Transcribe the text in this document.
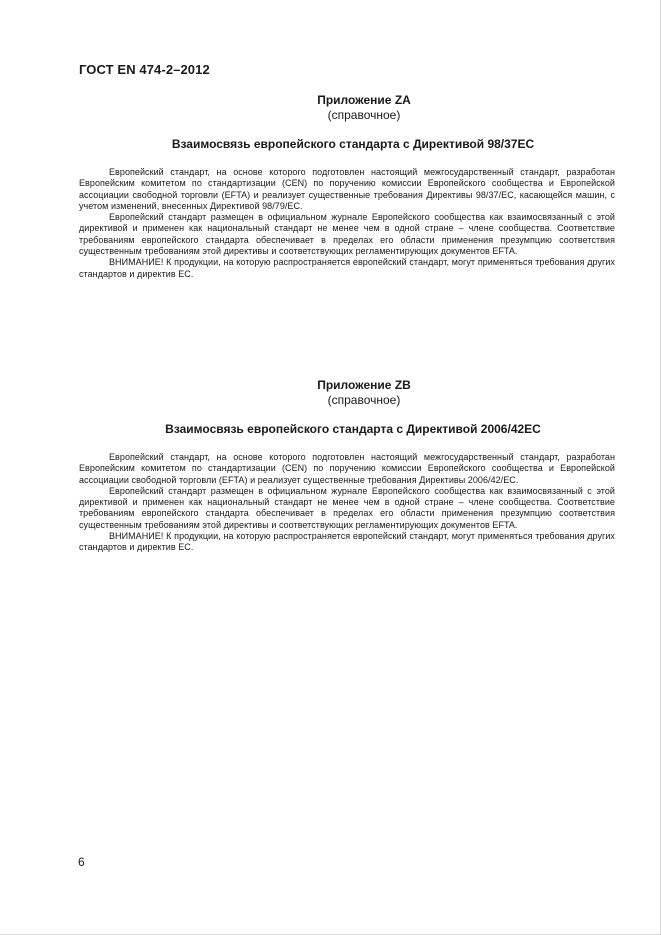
ГОСТ EN 474-2–2012
Приложение ZA
(справочное)
Взаимосвязь европейского стандарта с Директивой 98/37ЕС

Европейский стандарт, на основе которого подготовлен настоящий межгосударственный стандарт, разработан Европейским комитетом по стандартизации (CEN) по поручению комиссии Европейского сообщества и Европейской ассоциации свободной торговли (EFTA) и реализует существенные требования Директивы 98/37/ЕС, касающейся машин, с учетом изменений, внесенных Директивой 98/79/ЕС.

Европейский стандарт размещен в официальном журнале Европейского сообщества как взаимосвязанный с этой директивой и применен как национальный стандарт не менее чем в одной стране – члене сообщества. Соответствие требованиям европейского стандарта обеспечивает в пределах его области применения презумпцию соответствия существенным требованиям этой директивы и соответствующих регламентирующих документов EFTA.

ВНИМАНИЕ! К продукции, на которую распространяется европейский стандарт, могут применяться требования других стандартов и директив ЕС.

Приложение ZB
(справочное)
Взаимосвязь европейского стандарта с Директивой 2006/42ЕС

Европейский стандарт, на основе которого подготовлен настоящий межгосударственный стандарт, разработан Европейским комитетом по стандартизации (CEN) по поручению комиссии Европейского сообщества и Европейской ассоциации свободной торговли (EFTA) и реализует существенные требования Директивы 2006/42/ЕС.

Европейский стандарт размещен в официальном журнале Европейского сообщества как взаимосвязанный с этой директивой и применен как национальный стандарт не менее чем в одной стране – члене сообщества. Соответствие требованиям европейского стандарта обеспечивает в пределах его области применения презумпцию соответствия существенным требованиям этой директивы и соответствующих регламентирующих документов EFTA.

ВНИМАНИЕ! К продукции, на которую распространяется европейский стандарт, могут применяться требования других стандартов и директив ЕС.

6
